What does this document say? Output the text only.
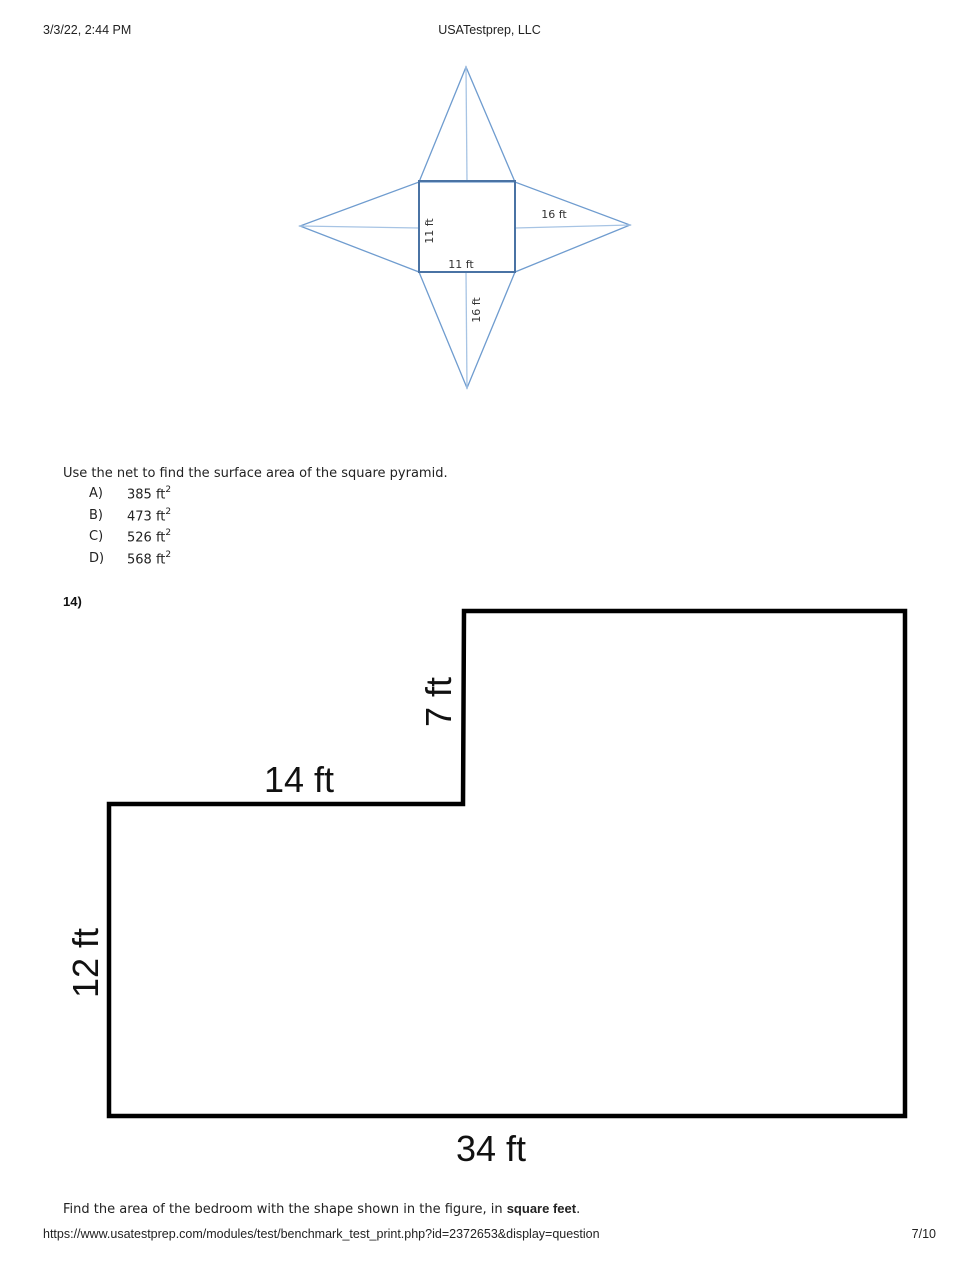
3/3/22, 2:44 PM	USATestprep, LLC
11 ft
11 ft
16 ft
16 ft
Use the net to find the surface area of the square pyramid.
A) 385 $ft^2$
B) 473 $ft^2$
C) 526 $ft^2$
D) 568 $ft^2$
14)
14 ft
7 ft
12 ft
34 ft
Find the area of the bedroom with the shape shown in the figure, in square feet.
https://www.usatestprep.com/modules/test/benchmark_test_print.php?id=2372653&display=question	7/10
